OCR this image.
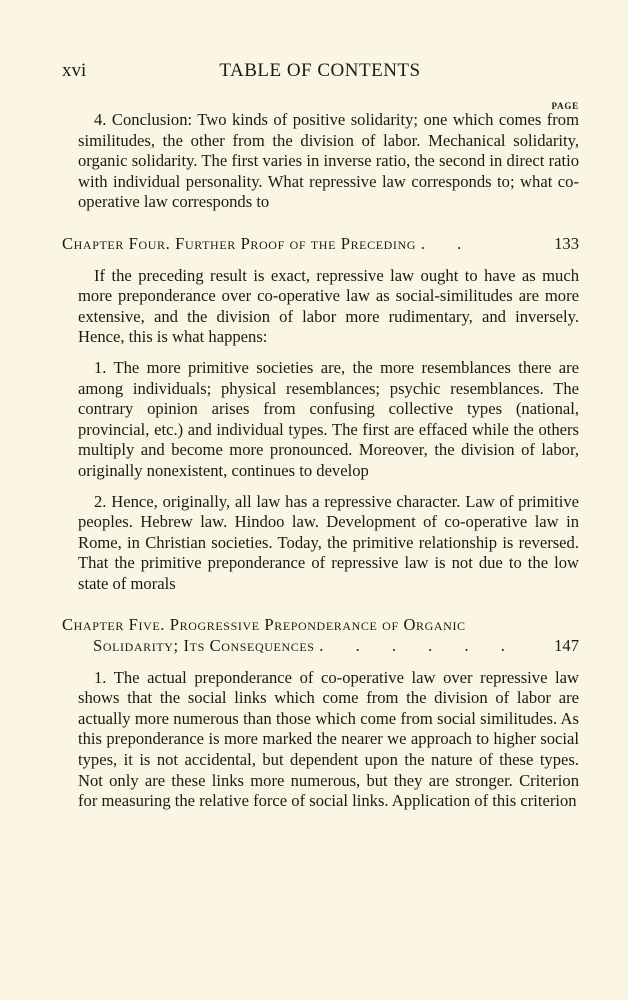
xvi	TABLE OF CONTENTS
PAGE

4. Conclusion: Two kinds of positive solidarity; one which comes from similitudes, the other from the division of labor. Mechanical solidarity, organic solidarity. The first varies in inverse ratio, the second in direct ratio with individual personality. What repressive law corresponds to; what co-operative law corresponds to

Chapter Four. Further Proof of the Preceding . .	133

If the preceding result is exact, repressive law ought to have as much more preponderance over co-operative law as social-similitudes are more extensive, and the division of labor more rudimentary, and inversely. Hence, this is what happens:

1. The more primitive societies are, the more resemblances there are among individuals; physical resemblances; psychic resemblances. The contrary opinion arises from confusing collective types (national, provincial, etc.) and individual types. The first are effaced while the others multiply and become more pronounced. Moreover, the division of labor, originally nonexistent, continues to develop

2. Hence, originally, all law has a repressive character. Law of primitive peoples. Hebrew law. Hindoo law. Development of co-operative law in Rome, in Christian societies. Today, the primitive relationship is reversed. That the primitive preponderance of repressive law is not due to the low state of morals

Chapter Five. Progressive Preponderance of Organic
Solidarity; Its Consequences . . . . . .	147

1. The actual preponderance of co-operative law over repressive law shows that the social links which come from the division of labor are actually more numerous than those which come from social similitudes. As this preponderance is more marked the nearer we approach to higher social types, it is not accidental, but dependent upon the nature of these types. Not only are these links more numerous, but they are stronger. Criterion for measuring the relative force of social links. Application of this criterion
